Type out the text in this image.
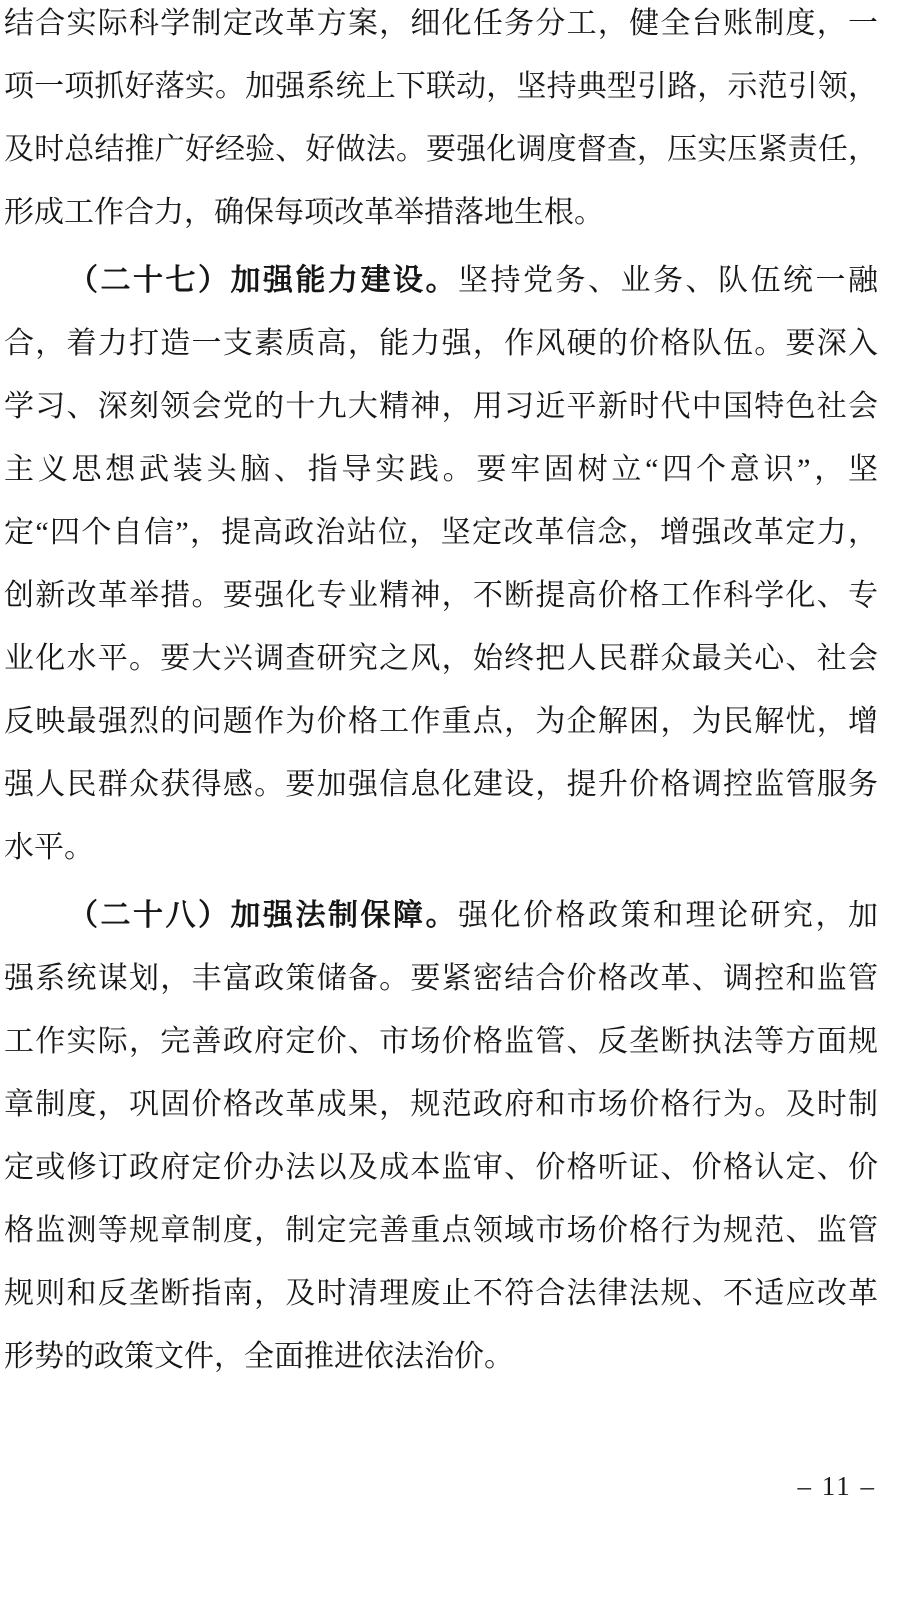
结合实际科学制定改革方案，细化任务分工，健全台账制度，一
项一项抓好落实。加强系统上下联动，坚持典型引路，示范引领，
及时总结推广好经验、好做法。要强化调度督查，压实压紧责任，
形成工作合力，确保每项改革举措落地生根。
（二十七）加强能力建设。坚持党务、业务、队伍统一融
合，着力打造一支素质高，能力强，作风硬的价格队伍。要深入
学习、深刻领会党的十九大精神，用习近平新时代中国特色社会
主义思想武装头脑、指导实践。要牢固树立“四个意识”，坚
定“四个自信”，提高政治站位，坚定改革信念，增强改革定力，
创新改革举措。要强化专业精神，不断提高价格工作科学化、专
业化水平。要大兴调查研究之风，始终把人民群众最关心、社会
反映最强烈的问题作为价格工作重点，为企解困，为民解忧，增
强人民群众获得感。要加强信息化建设，提升价格调控监管服务
水平。
（二十八）加强法制保障。强化价格政策和理论研究，加
强系统谋划，丰富政策储备。要紧密结合价格改革、调控和监管
工作实际，完善政府定价、市场价格监管、反垄断执法等方面规
章制度，巩固价格改革成果，规范政府和市场价格行为。及时制
定或修订政府定价办法以及成本监审、价格听证、价格认定、价
格监测等规章制度，制定完善重点领域市场价格行为规范、监管
规则和反垄断指南，及时清理废止不符合法律法规、不适应改革
形势的政策文件，全面推进依法治价。
– 11 –
